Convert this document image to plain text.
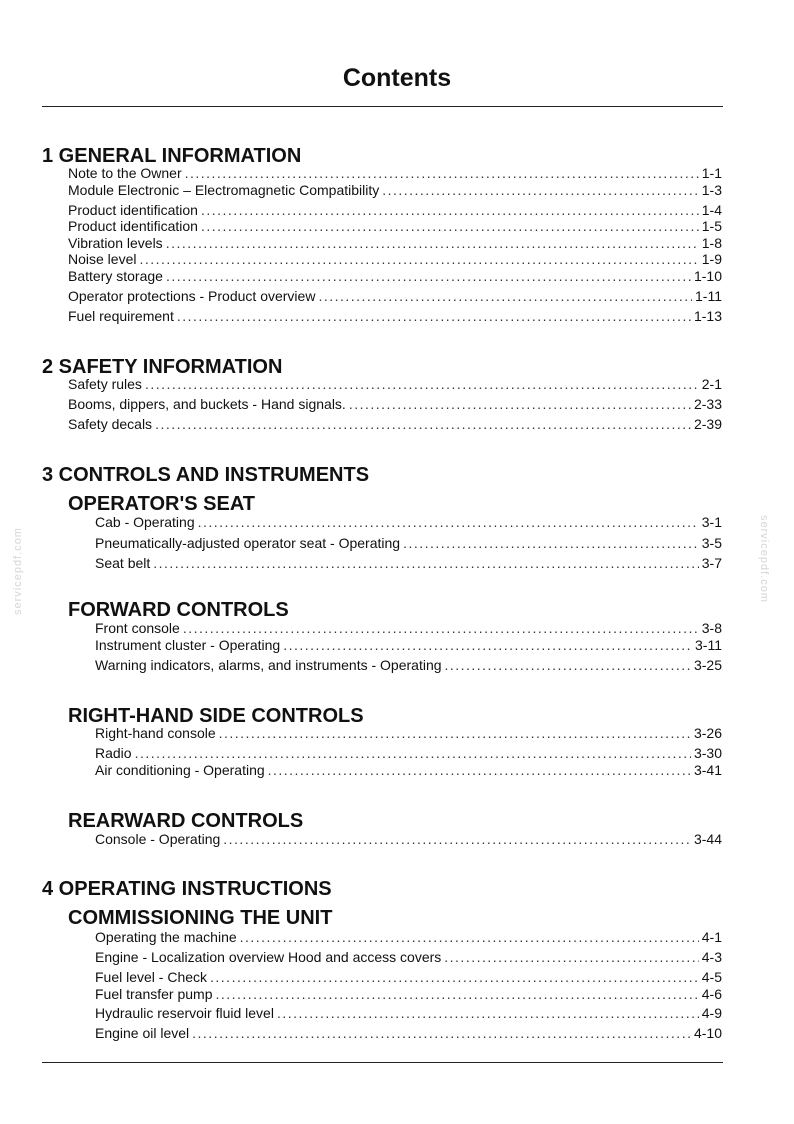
Contents
servicepdf.com	servicepdf.com
1 GENERAL INFORMATION
Note to the Owner . . .	1-1
Module Electronic – Electromagnetic Compatibility . . .	1-3
Product identification . . .	1-4
Product identification . . .	1-5
Vibration levels . . .	1-8
Noise level . . .	1-9
Battery storage . . .	1-10
Operator protections - Product overview . . .	1-11
Fuel requirement . . .	1-13
2 SAFETY INFORMATION
Safety rules . . .	2-1
Booms, dippers, and buckets - Hand signals. . . .	2-33
Safety decals . . .	2-39
3 CONTROLS AND INSTRUMENTS
OPERATOR'S SEAT
Cab - Operating . . .	3-1
Pneumatically-adjusted operator seat - Operating . . .	3-5
Seat belt . . .	3-7
FORWARD CONTROLS
Front console . . .	3-8
Instrument cluster - Operating . . .	3-11
Warning indicators, alarms, and instruments - Operating . . .	3-25
RIGHT-HAND SIDE CONTROLS
Right-hand console . . .	3-26
Radio . . .	3-30
Air conditioning - Operating . . .	3-41
REARWARD CONTROLS
Console - Operating . . .	3-44
4 OPERATING INSTRUCTIONS
COMMISSIONING THE UNIT
Operating the machine . . .	4-1
Engine - Localization overview Hood and access covers . . .	4-3
Fuel level - Check . . .	4-5
Fuel transfer pump . . .	4-6
Hydraulic reservoir fluid level . . .	4-9
Engine oil level . . .	4-10
